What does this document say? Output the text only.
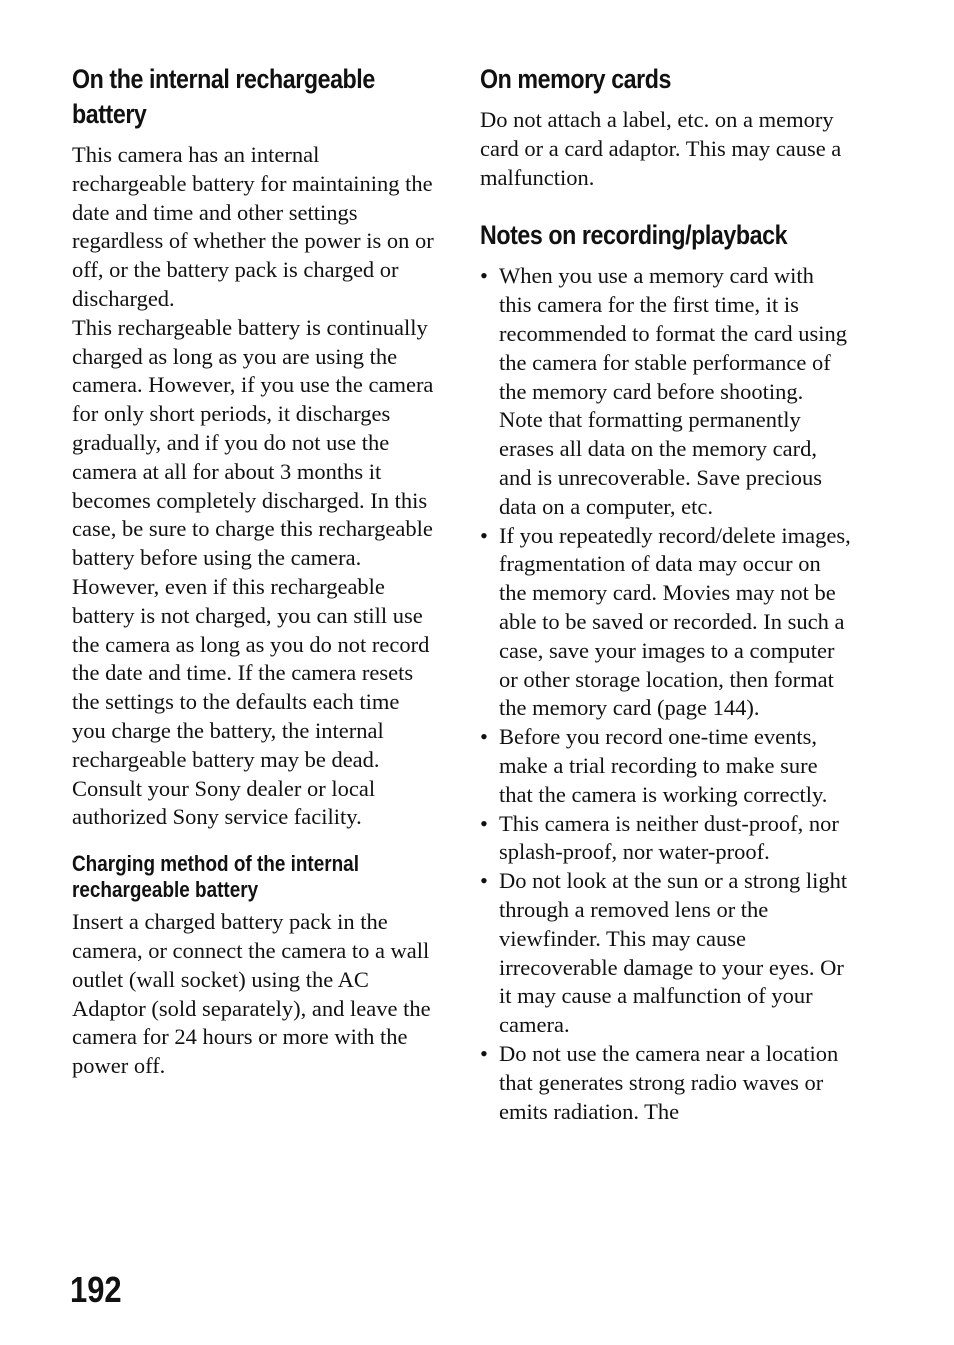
On the internal rechargeable battery

This camera has an internal rechargeable battery for maintaining the date and time and other settings regardless of whether the power is on or off, or the battery pack is charged or discharged.

This rechargeable battery is continually charged as long as you are using the camera. However, if you use the camera for only short periods, it discharges gradually, and if you do not use the camera at all for about 3 months it becomes completely discharged. In this case, be sure to charge this rechargeable battery before using the camera.

However, even if this rechargeable battery is not charged, you can still use the camera as long as you do not record the date and time. If the camera resets the settings to the defaults each time you charge the battery, the internal rechargeable battery may be dead. Consult your Sony dealer or local authorized Sony service facility.

Charging method of the internal rechargeable battery

Insert a charged battery pack in the camera, or connect the camera to a wall outlet (wall socket) using the AC Adaptor (sold separately), and leave the camera for 24 hours or more with the power off.

On memory cards

Do not attach a label, etc. on a memory card or a card adaptor. This may cause a malfunction.

Notes on recording/playback
• When you use a memory card with this camera for the first time, it is recommended to format the card using the camera for stable performance of the memory card before shooting. Note that formatting permanently erases all data on the memory card, and is unrecoverable. Save precious data on a computer, etc.
• If you repeatedly record/delete images, fragmentation of data may occur on the memory card. Movies may not be able to be saved or recorded. In such a case, save your images to a computer or other storage location, then format the memory card (page 144).
• Before you record one-time events, make a trial recording to make sure that the camera is working correctly.
• This camera is neither dust-proof, nor splash-proof, nor water-proof.
• Do not look at the sun or a strong light through a removed lens or the viewfinder. This may cause irrecoverable damage to your eyes. Or it may cause a malfunction of your camera.
• Do not use the camera near a location that generates strong radio waves or emits radiation. The
192
